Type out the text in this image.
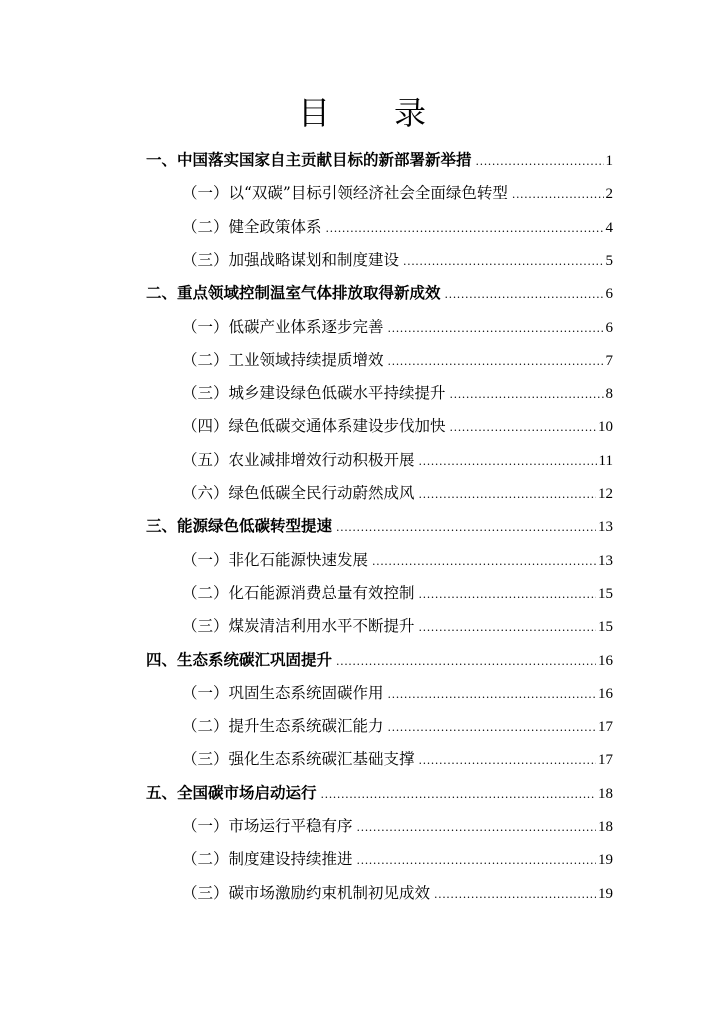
目 录
一、中国落实国家自主贡献目标的新部署新举措 .....	1
（一）以“双碳”目标引领经济社会全面绿色转型 .....	2
（二）健全政策体系 .....	4
（三）加强战略谋划和制度建设 .....	5
二、重点领域控制温室气体排放取得新成效 .....	6
（一）低碳产业体系逐步完善 .....	6
（二）工业领域持续提质增效 .....	7
（三）城乡建设绿色低碳水平持续提升 .....	8
（四）绿色低碳交通体系建设步伐加快 .....	10
（五）农业减排增效行动积极开展 .....	11
（六）绿色低碳全民行动蔚然成风 .....	12
三、能源绿色低碳转型提速 .....	13
（一）非化石能源快速发展 .....	13
（二）化石能源消费总量有效控制 .....	15
（三）煤炭清洁利用水平不断提升 .....	15
四、生态系统碳汇巩固提升 .....	16
（一）巩固生态系统固碳作用 .....	16
（二）提升生态系统碳汇能力 .....	17
（三）强化生态系统碳汇基础支撑 .....	17
五、全国碳市场启动运行 .....	18
（一）市场运行平稳有序 .....	18
（二）制度建设持续推进 .....	19
（三）碳市场激励约束机制初见成效 .....	19
